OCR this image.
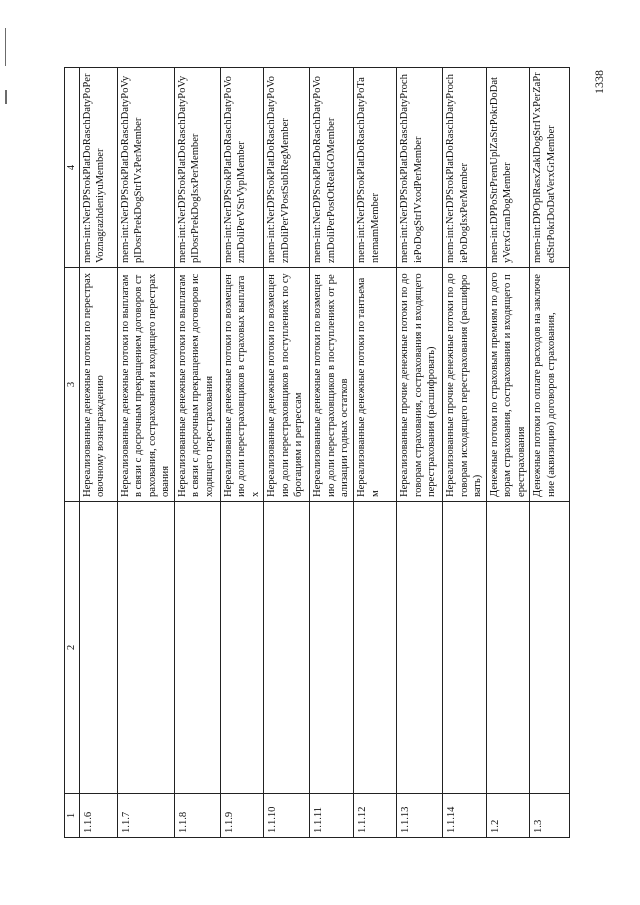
1	2	3	4
1.1.6		Нереализованные денежные потоки по перестраховочному вознаграждению	mem-int:NerDPSrokPlatDoRaschDatyPoPerVoznagrazhdeniyuMember
1.1.7		Нереализованные денежные потоки по выплатам в связи с досрочным прекращением договоров страхования, сострахования и входящего перестрахования	mem-int:NerDPSrokPlatDoRaschDatyPoVyplDosrPrekDogStrIVxPerMember
1.1.8		Нереализованные денежные потоки по выплатам в связи с досрочным прекращением договоров исходящего перестрахования	mem-int:NerDPSrokPlatDoRaschDatyPoVyplDosrPrekDogIsxPerMember
1.1.9		Нереализованные денежные потоки по возмещению доли перестраховщиков в страховых выплатах	mem-int:NerDPSrokPlatDoRaschDatyPoVozmDoliPerVStrVyplMember
1.1.10		Нереализованные денежные потоки по возмещению доли перестраховщиков в поступлениях по суброгациям и регрессам	mem-int:NerDPSrokPlatDoRaschDatyPoVozmDoliPerVPostSubIRegMember
1.1.11		Нереализованные денежные потоки по возмещению доли перестраховщиков в поступлениях от реализации годных остатков	mem-int:NerDPSrokPlatDoRaschDatyPoVozmDoliPerPostOtRealGOMember
1.1.12		Нереализованные денежные потоки по тантьемам	mem-int:NerDPSrokPlatDoRaschDatyPoTantemamMember
1.1.13		Нереализованные прочие денежные потоки по договорам страхования, сострахования и входящего перестрахования (расшифровать)	mem-int:NerDPSrokPlatDoRaschDatyProchiePoDogStrIVxodPerMember
1.1.14		Нереализованные прочие денежные потоки по договорам исходящего перестрахования (расшифровать)	mem-int:NerDPSrokPlatDoRaschDatyProchiePoDogIsxPerMember
1.2		Денежные потоки по страховым премиям по договорам страхования, сострахования и входящего перестрахования	mem-int:DPPoStrPremUplZaStrPokrDoDatyVerxGranDogMember
1.3		Денежные потоки по оплате расходов на заключение (аквизицию) договоров страхования,	mem-int:DPOplRasxZaklDogStrIVxPerZaPredStrPokrDoDatVerxGrMember
1338
